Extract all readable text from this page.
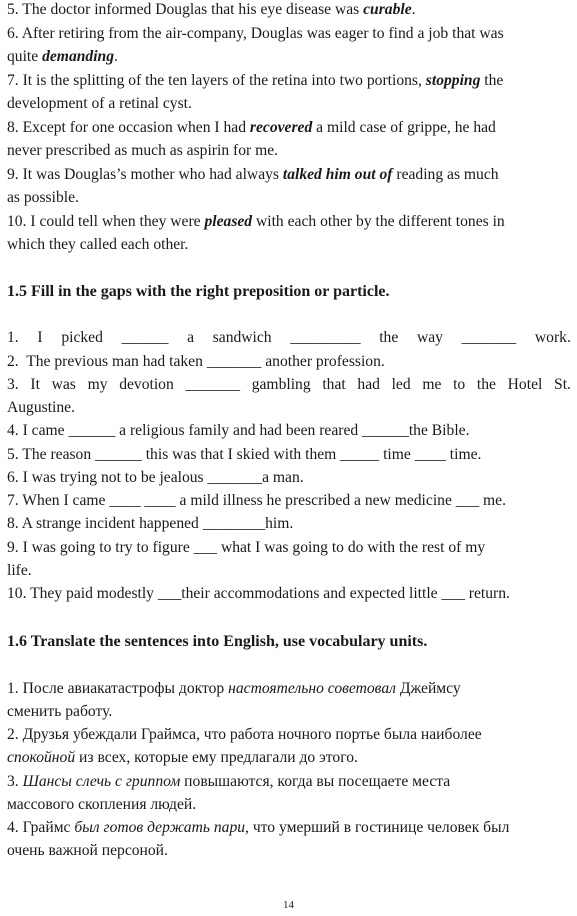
5. The doctor informed Douglas that his eye disease was curable.
6. After retiring from the air-company, Douglas was eager to find a job that was
quite demanding.
7. It is the splitting of the ten layers of the retina into two portions, stopping the
development of a retinal cyst.
8. Except for one occasion when I had recovered a mild case of grippe, he had
never prescribed as much as aspirin for me.
9. It was Douglas’s mother who had always talked him out of reading as much
as possible.
10. I could tell when they were pleased with each other by the different tones in
which they called each other.
1.5 Fill in the gaps with the right preposition or particle.
1. I picked ______ a sandwich _________ the way _______ work.
2.  The previous man had taken _______ another profession.
3. It was my devotion _______ gambling that had led me to the Hotel St.
Augustine.
4. I came ______ a religious family and had been reared ______the Bible.
5. The reason ______ this was that I skied with them _____ time ____ time.
6. I was trying not to be jealous _______a man.
7. When I came ____ ____ a mild illness he prescribed a new medicine ___ me.
8. A strange incident happened ________him.
9. I was going to try to figure ___ what I was going to do with the rest of my
life.
10. They paid modestly ___their accommodations and expected little ___ return.
1.6 Translate the sentences into English, use vocabulary units.
1. После авиакатастрофы доктор настоятельно советовал Джеймсу
сменить работу.
2. Друзья убеждали Граймса, что работа ночного портье была наиболее
спокойной из всех, которые ему предлагали до этого.
3. Шансы слечь с гриппом повышаются, когда вы посещаете места
массового скопления людей.
4. Граймс был готов держать пари, что умерший в гостинице человек был
очень важной персоной.
14
